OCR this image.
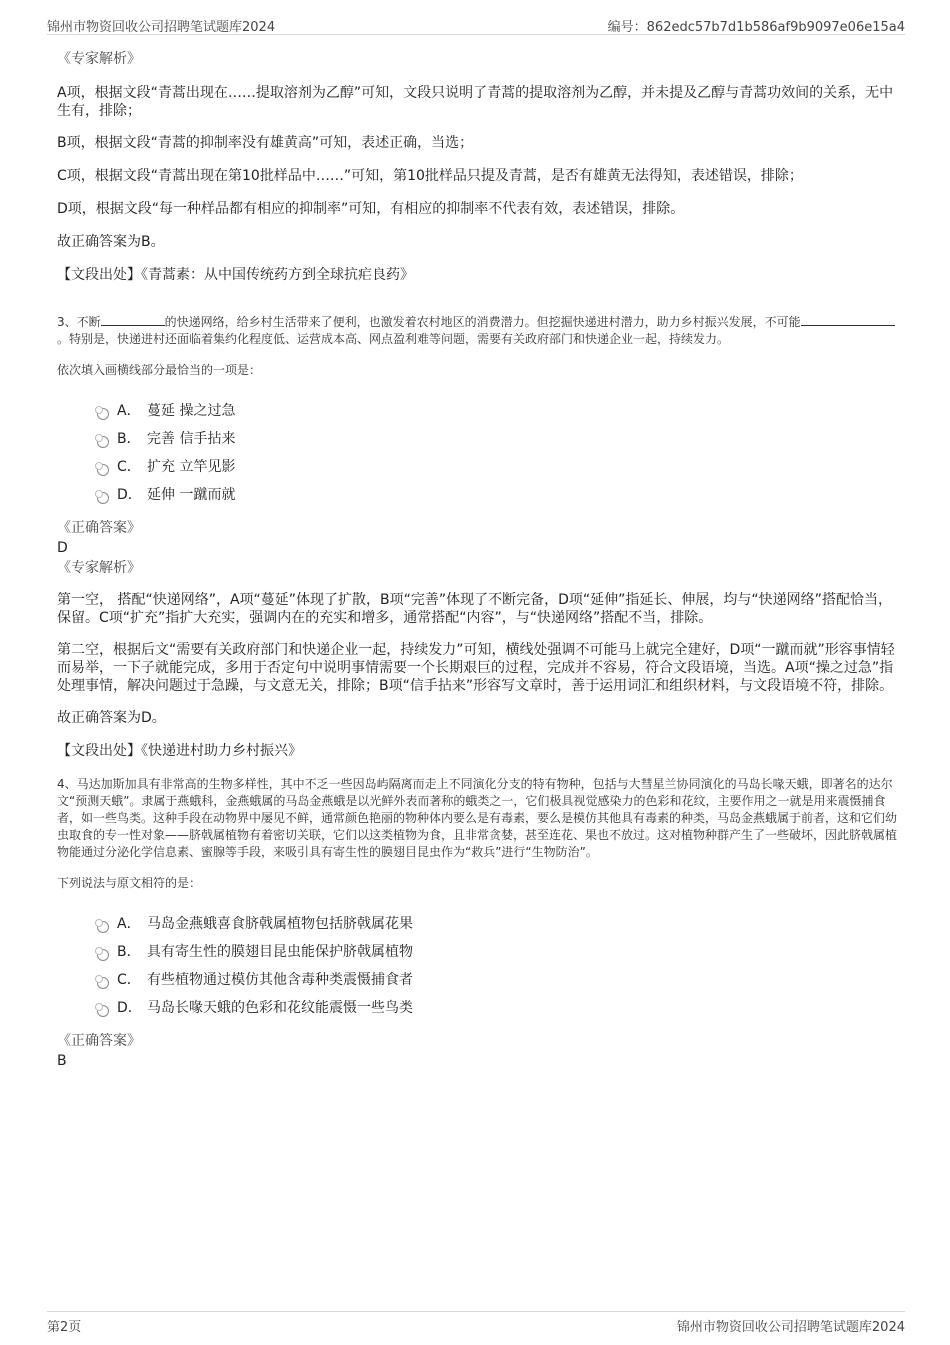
锦州市物资回收公司招聘笔试题库2024	编号：862edc57b7d1b586af9b9097e06e15a4

《专家解析》

A项，根据文段“青蒿出现在……提取溶剂为乙醇”可知，文段只说明了青蒿的提取溶剂为乙醇，并未提及乙醇与青蒿功效间的关系，无中生有，排除；

B项，根据文段“青蒿的抑制率没有雄黄高”可知，表述正确，当选；

C项，根据文段“青蒿出现在第10批样品中……”可知，第10批样品只提及青蒿，是否有雄黄无法得知，表述错误，排除；

D项，根据文段“每一种样品都有相应的抑制率”可知，有相应的抑制率不代表有效，表述错误，排除。

故正确答案为B。

【文段出处】《青蒿素：从中国传统药方到全球抗疟良药》

3、不断	的快递网络，给乡村生活带来了便利，也激发着农村地区的消费潜力。但挖掘快递进村潜力，助力乡村振兴发展，不可能。特别是，快递进村还面临着集约化程度低、运营成本高、网点盈利难等问题，需要有关政府部门和快递企业一起，持续发力。

依次填入画横线部分最恰当的一项是：

A． 蔓延 操之过急
B． 完善 信手拈来
C． 扩充 立竿见影
D． 延伸 一蹴而就

《正确答案》

D

《专家解析》

第一空， 搭配“快递网络”，A项“蔓延”体现了扩散，B项“完善”体现了不断完备，D项“延伸”指延长、伸展，均与“快递网络”搭配恰当，保留。C项“扩充”指扩大充实，强调内在的充实和增多，通常搭配“内容”，与“快递网络”搭配不当，排除。

第二空，根据后文“需要有关政府部门和快递企业一起，持续发力”可知，横线处强调不可能马上就完全建好，D项“一蹴而就”形容事情轻而易举，一下子就能完成，多用于否定句中说明事情需要一个长期艰巨的过程，完成并不容易，符合文段语境，当选。A项“操之过急”指处理事情，解决问题过于急躁，与文意无关，排除；B项“信手拈来”形容写文章时，善于运用词汇和组织材料，与文段语境不符，排除。

故正确答案为D。

【文段出处】《快递进村助力乡村振兴》

4、马达加斯加具有非常高的生物多样性，其中不乏一些因岛屿隔离而走上不同演化分支的特有物种，包括与大彗星兰协同演化的马岛长喙天蛾，即著名的达尔文“预测天蛾”。隶属于燕蛾科，金燕蛾属的马岛金燕蛾是以光鲜外表而著称的蛾类之一，它们极具视觉感染力的色彩和花纹，主要作用之一就是用来震慑捕食者，如一些鸟类。这种手段在动物界中屡见不鲜，通常颜色艳丽的物种体内要么是有毒素，要么是模仿其他具有毒素的种类，马岛金燕蛾属于前者，这和它们幼虫取食的专一性对象——脐戟属植物有着密切关联，它们以这类植物为食，且非常贪婪，甚至连花、果也不放过。这对植物种群产生了一些破坏，因此脐戟属植物能通过分泌化学信息素、蜜腺等手段，来吸引具有寄生性的膜翅目昆虫作为“救兵”进行“生物防治”。

下列说法与原文相符的是：

A． 马岛金燕蛾喜食脐戟属植物包括脐戟属花果
B． 具有寄生性的膜翅目昆虫能保护脐戟属植物
C． 有些植物通过模仿其他含毒种类震慑捕食者
D． 马岛长喙天蛾的色彩和花纹能震慑一些鸟类

《正确答案》

B

第2页	锦州市物资回收公司招聘笔试题库2024
